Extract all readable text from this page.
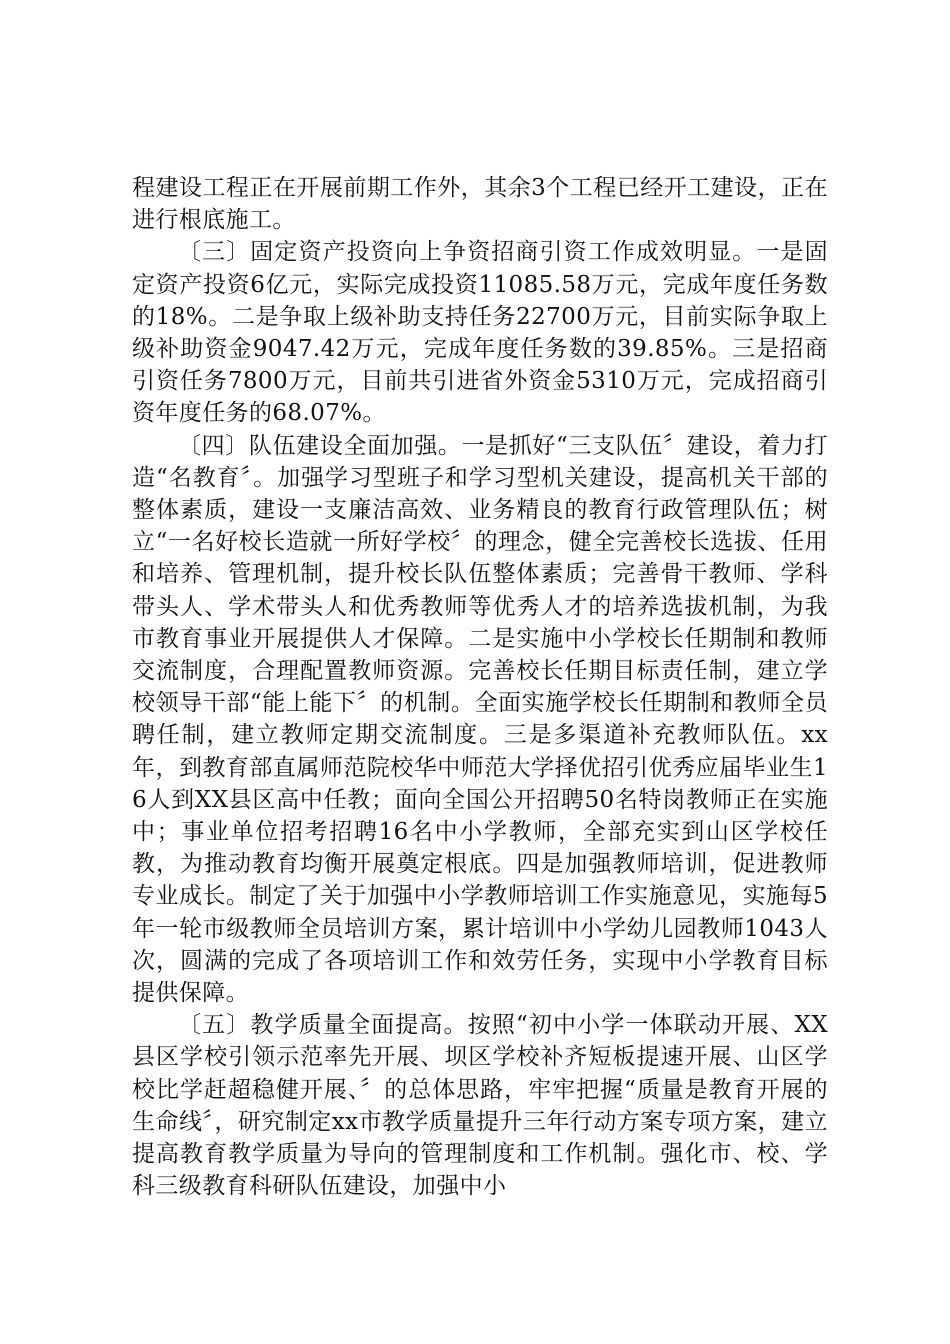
程建设工程正在开展前期工作外，其余3个工程已经开工建设，正在进行根底施工。

〔三〕固定资产投资向上争资招商引资工作成效明显。一是固定资产投资6亿元，实际完成投资11085.58万元，完成年度任务数的18%。二是争取上级补助支持任务22700万元，目前实际争取上级补助资金9047.42万元，完成年度任务数的39.85%。三是招商引资任务7800万元，目前共引进省外资金5310万元，完成招商引资年度任务的68.07%。

〔四〕队伍建设全面加强。一是抓好“三支队伍〞建设，着力打造“名教育〞。加强学习型班子和学习型机关建设，提高机关干部的整体素质，建设一支廉洁高效、业务精良的教育行政管理队伍；树立“一名好校长造就一所好学校〞的理念，健全完善校长选拔、任用和培养、管理机制，提升校长队伍整体素质；完善骨干教师、学科带头人、学术带头人和优秀教师等优秀人才的培养选拔机制，为我市教育事业开展提供人才保障。二是实施中小学校长任期制和教师交流制度，合理配置教师资源。完善校长任期目标责任制，建立学校领导干部“能上能下〞的机制。全面实施学校长任期制和教师全员聘任制，建立教师定期交流制度。三是多渠道补充教师队伍。xx年，到教育部直属师范院校华中师范大学择优招引优秀应届毕业生16人到XX县区高中任教；面向全国公开招聘50名特岗教师正在实施中；事业单位招考招聘16名中小学教师，全部充实到山区学校任教，为推动教育均衡开展奠定根底。四是加强教师培训，促进教师专业成长。制定了关于加强中小学教师培训工作实施意见，实施每5年一轮市级教师全员培训方案，累计培训中小学幼儿园教师1043人次，圆满的完成了各项培训工作和效劳任务，实现中小学教育目标提供保障。

〔五〕教学质量全面提高。按照“初中小学一体联动开展、XX县区学校引领示范率先开展、坝区学校补齐短板提速开展、山区学校比学赶超稳健开展、〞的总体思路，牢牢把握“质量是教育开展的生命线〞，研究制定xx市教学质量提升三年行动方案专项方案，建立提高教育教学质量为导向的管理制度和工作机制。强化市、校、学科三级教育科研队伍建设，加强中小
